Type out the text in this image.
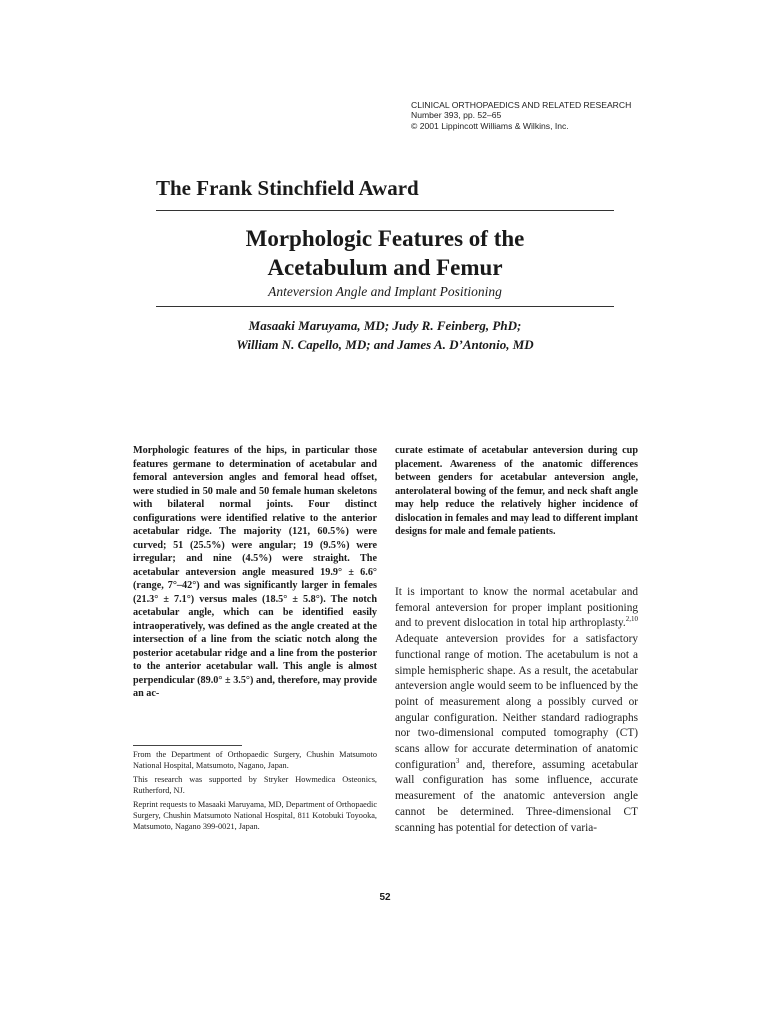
CLINICAL ORTHOPAEDICS AND RELATED RESEARCH
Number 393, pp. 52–65
© 2001 Lippincott Williams & Wilkins, Inc.
The Frank Stinchfield Award
Morphologic Features of the
Acetabulum and Femur
Anteversion Angle and Implant Positioning
Masaaki Maruyama, MD; Judy R. Feinberg, PhD;
William N. Capello, MD; and James A. D’Antonio, MD

Morphologic features of the hips, in particular those features germane to determination of acetabular and femoral anteversion angles and femoral head offset, were studied in 50 male and 50 female human skeletons with bilateral normal joints. Four distinct configurations were identified relative to the anterior acetabular ridge. The majority (121, 60.5%) were curved; 51 (25.5%) were angular; 19 (9.5%) were irregular; and nine (4.5%) were straight. The acetabular anteversion angle measured 19.9° ± 6.6° (range, 7°–42°) and was significantly larger in females (21.3° ± 7.1°) versus males (18.5° ± 5.8°). The notch acetabular angle, which can be identified easily intraoperatively, was defined as the angle created at the intersection of a line from the sciatic notch along the posterior acetabular ridge and a line from the posterior to the anterior acetabular wall. This angle is almost perpendicular (89.0° ± 3.5°) and, therefore, may provide an ac-

curate estimate of acetabular anteversion during cup placement. Awareness of the anatomic differences between genders for acetabular anteversion angle, anterolateral bowing of the femur, and neck shaft angle may help reduce the relatively higher incidence of dislocation in females and may lead to different implant designs for male and female patients.

It is important to know the normal acetabular and femoral anteversion for proper implant positioning and to prevent dislocation in total hip arthroplasty.$^{2,10}$ Adequate anteversion provides for a satisfactory functional range of motion. The acetabulum is not a simple hemispheric shape. As a result, the acetabular anteversion angle would seem to be influenced by the point of measurement along a possibly curved or angular configuration. Neither standard radiographs nor two-dimensional computed tomography (CT) scans allow for accurate determination of anatomic configuration$^3$ and, therefore, assuming acetabular wall configuration has some influence, accurate measurement of the anatomic anteversion angle cannot be determined. Three-dimensional CT scanning has potential for detection of varia-

From the Department of Orthopaedic Surgery, Chushin Matsumoto National Hospital, Matsumoto, Nagano, Japan.

This research was supported by Stryker Howmedica Osteonics, Rutherford, NJ.

Reprint requests to Masaaki Maruyama, MD, Department of Orthopaedic Surgery, Chushin Matsumoto National Hospital, 811 Kotobuki Toyooka, Matsumoto, Nagano 399-0021, Japan.

52
